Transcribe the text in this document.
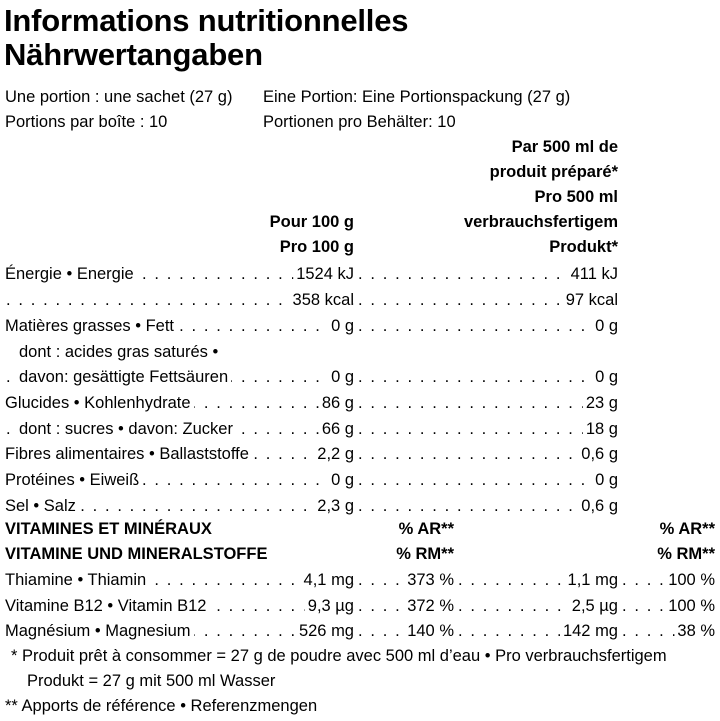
Informations nutritionnelles
Nährwertangaben
Une portion : une sachet (27 g) Eine Portion: Eine Portionspackung (27 g)
Portions par boîte : 10	Portionen pro Behälter: 10
Par 500 ml de
produit préparé*
Pro 500 ml
verbrauchsfertigem
Produkt*
Pour 100 g
Pro 100 g
. . .
. . .
Énergie • Energie	1524 kJ	411 kJ
. . .
. . .
358 kcal	97 kcal
. . .
. . .
Matières grasses • Fett	0 g	0 g
dont : acides gras saturés •
. . .
. . .
davon: gesättigte Fettsäuren	0 g	0 g
. . .
. . .
Glucides • Kohlenhydrate	86 g	23 g
. . .
. . .
dont : sucres • davon: Zucker	66 g	18 g
. . .
. . .
Fibres alimentaires • Ballaststoffe	2,2 g	0,6 g
. . .
. . .
Protéines • Eiweiß	0 g	0 g
. . .
. . .
Sel • Salz	2,3 g	0,6 g
VITAMINES ET MINÉRAUX
VITAMINE UND MINERALSTOFFE
% AR**
% RM**
% AR**
% RM**
. . .
. . .
. . .
. . .
Thiamine • Thiamin	4,1 mg	373 %	1,1 mg	100 %
. . .
. . .
. . .
. . .
Vitamine B12 • Vitamin B12	9,3 µg	372 %	2,5 µg	100 %
. . .
. . .
. . .
. . .
Magnésium • Magnesium	526 mg	140 %	142 mg	38 %
* Produit prêt à consommer = 27 g de poudre avec 500 ml d’eau • Pro verbrauchsfertigem
Produkt = 27 g mit 500 ml Wasser
** Apports de référence • Referenzmengen
